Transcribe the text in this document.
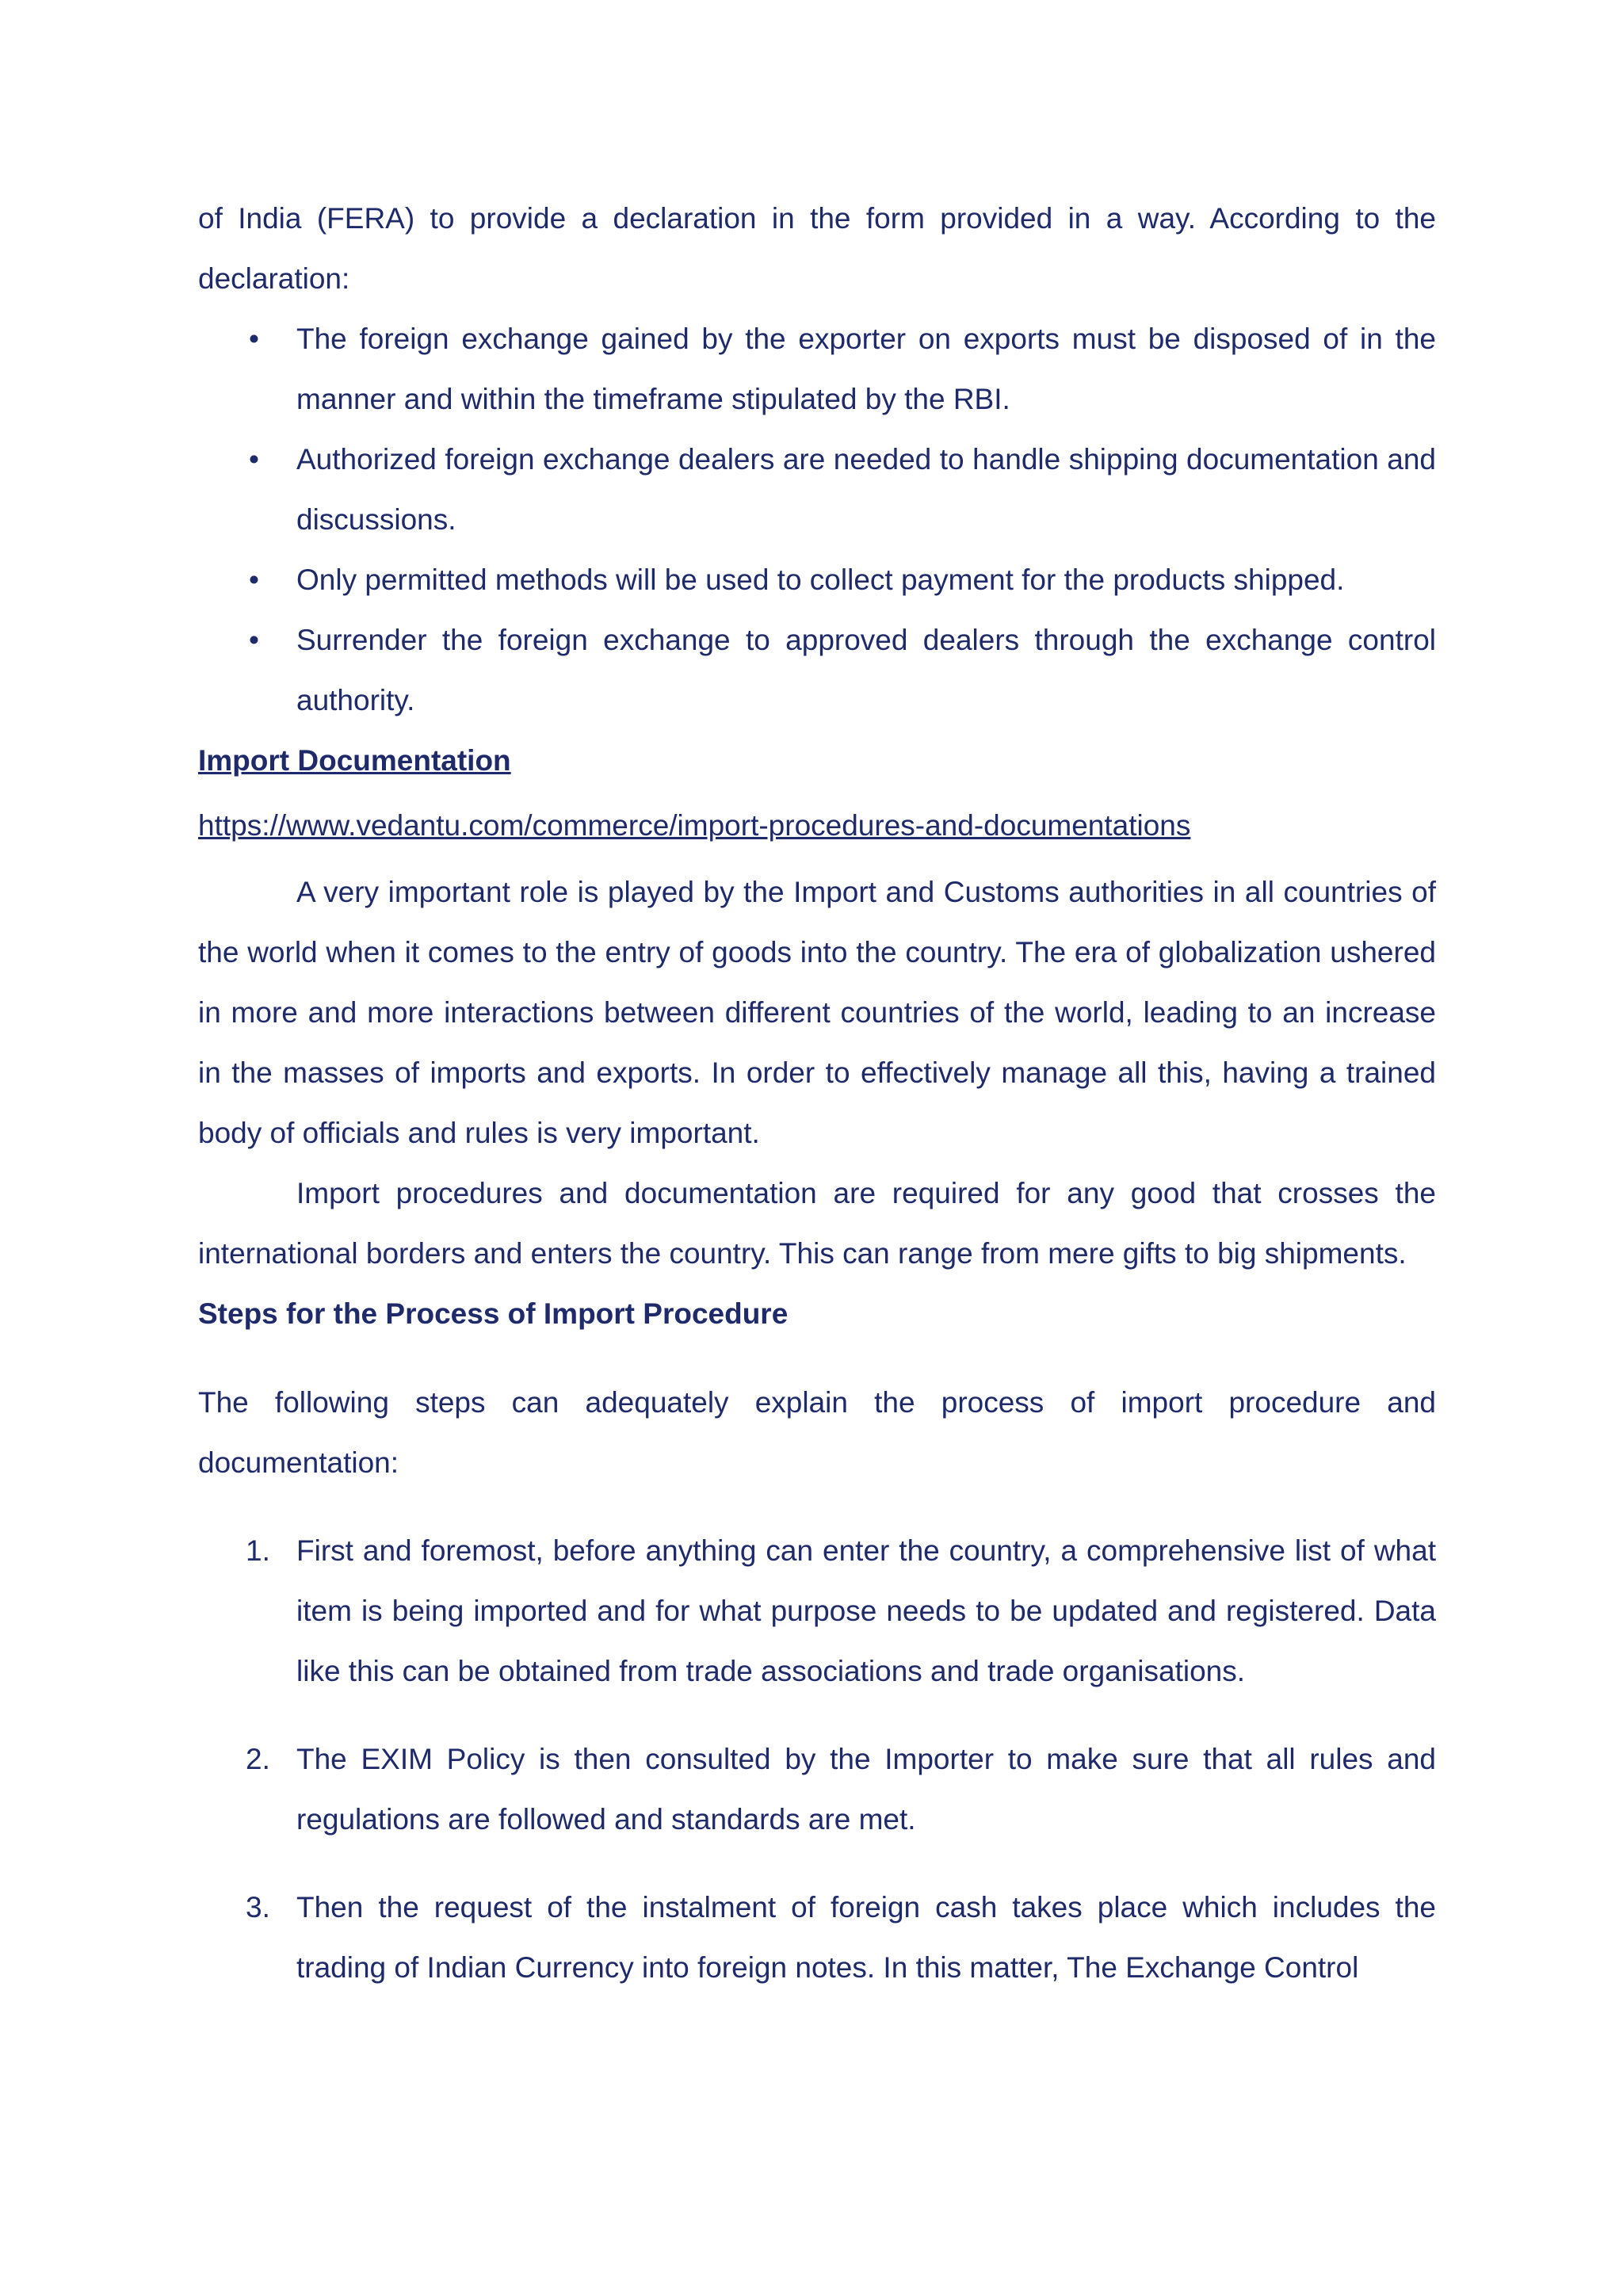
of India (FERA) to provide a declaration in the form provided in a way. According to the declaration:

• The foreign exchange gained by the exporter on exports must be disposed of in the manner and within the timeframe stipulated by the RBI.
• Authorized foreign exchange dealers are needed to handle shipping documentation and discussions.
• Only permitted methods will be used to collect payment for the products shipped.
• Surrender the foreign exchange to approved dealers through the exchange control authority.

Import Documentation

https://www.vedantu.com/commerce/import-procedures-and-documentations

A very important role is played by the Import and Customs authorities in all countries of the world when it comes to the entry of goods into the country. The era of globalization ushered in more and more interactions between different countries of the world, leading to an increase in the masses of imports and exports. In order to effectively manage all this, having a trained body of officials and rules is very important.

Import procedures and documentation are required for any good that crosses the international borders and enters the country. This can range from mere gifts to big shipments.

Steps for the Process of Import Procedure

The following steps can adequately explain the process of import procedure and documentation:

1. First and foremost, before anything can enter the country, a comprehensive list of what item is being imported and for what purpose needs to be updated and registered. Data like this can be obtained from trade associations and trade organisations.
2. The EXIM Policy is then consulted by the Importer to make sure that all rules and regulations are followed and standards are met.
3. Then the request of the instalment of foreign cash takes place which includes the trading of Indian Currency into foreign notes. In this matter, The Exchange Control
